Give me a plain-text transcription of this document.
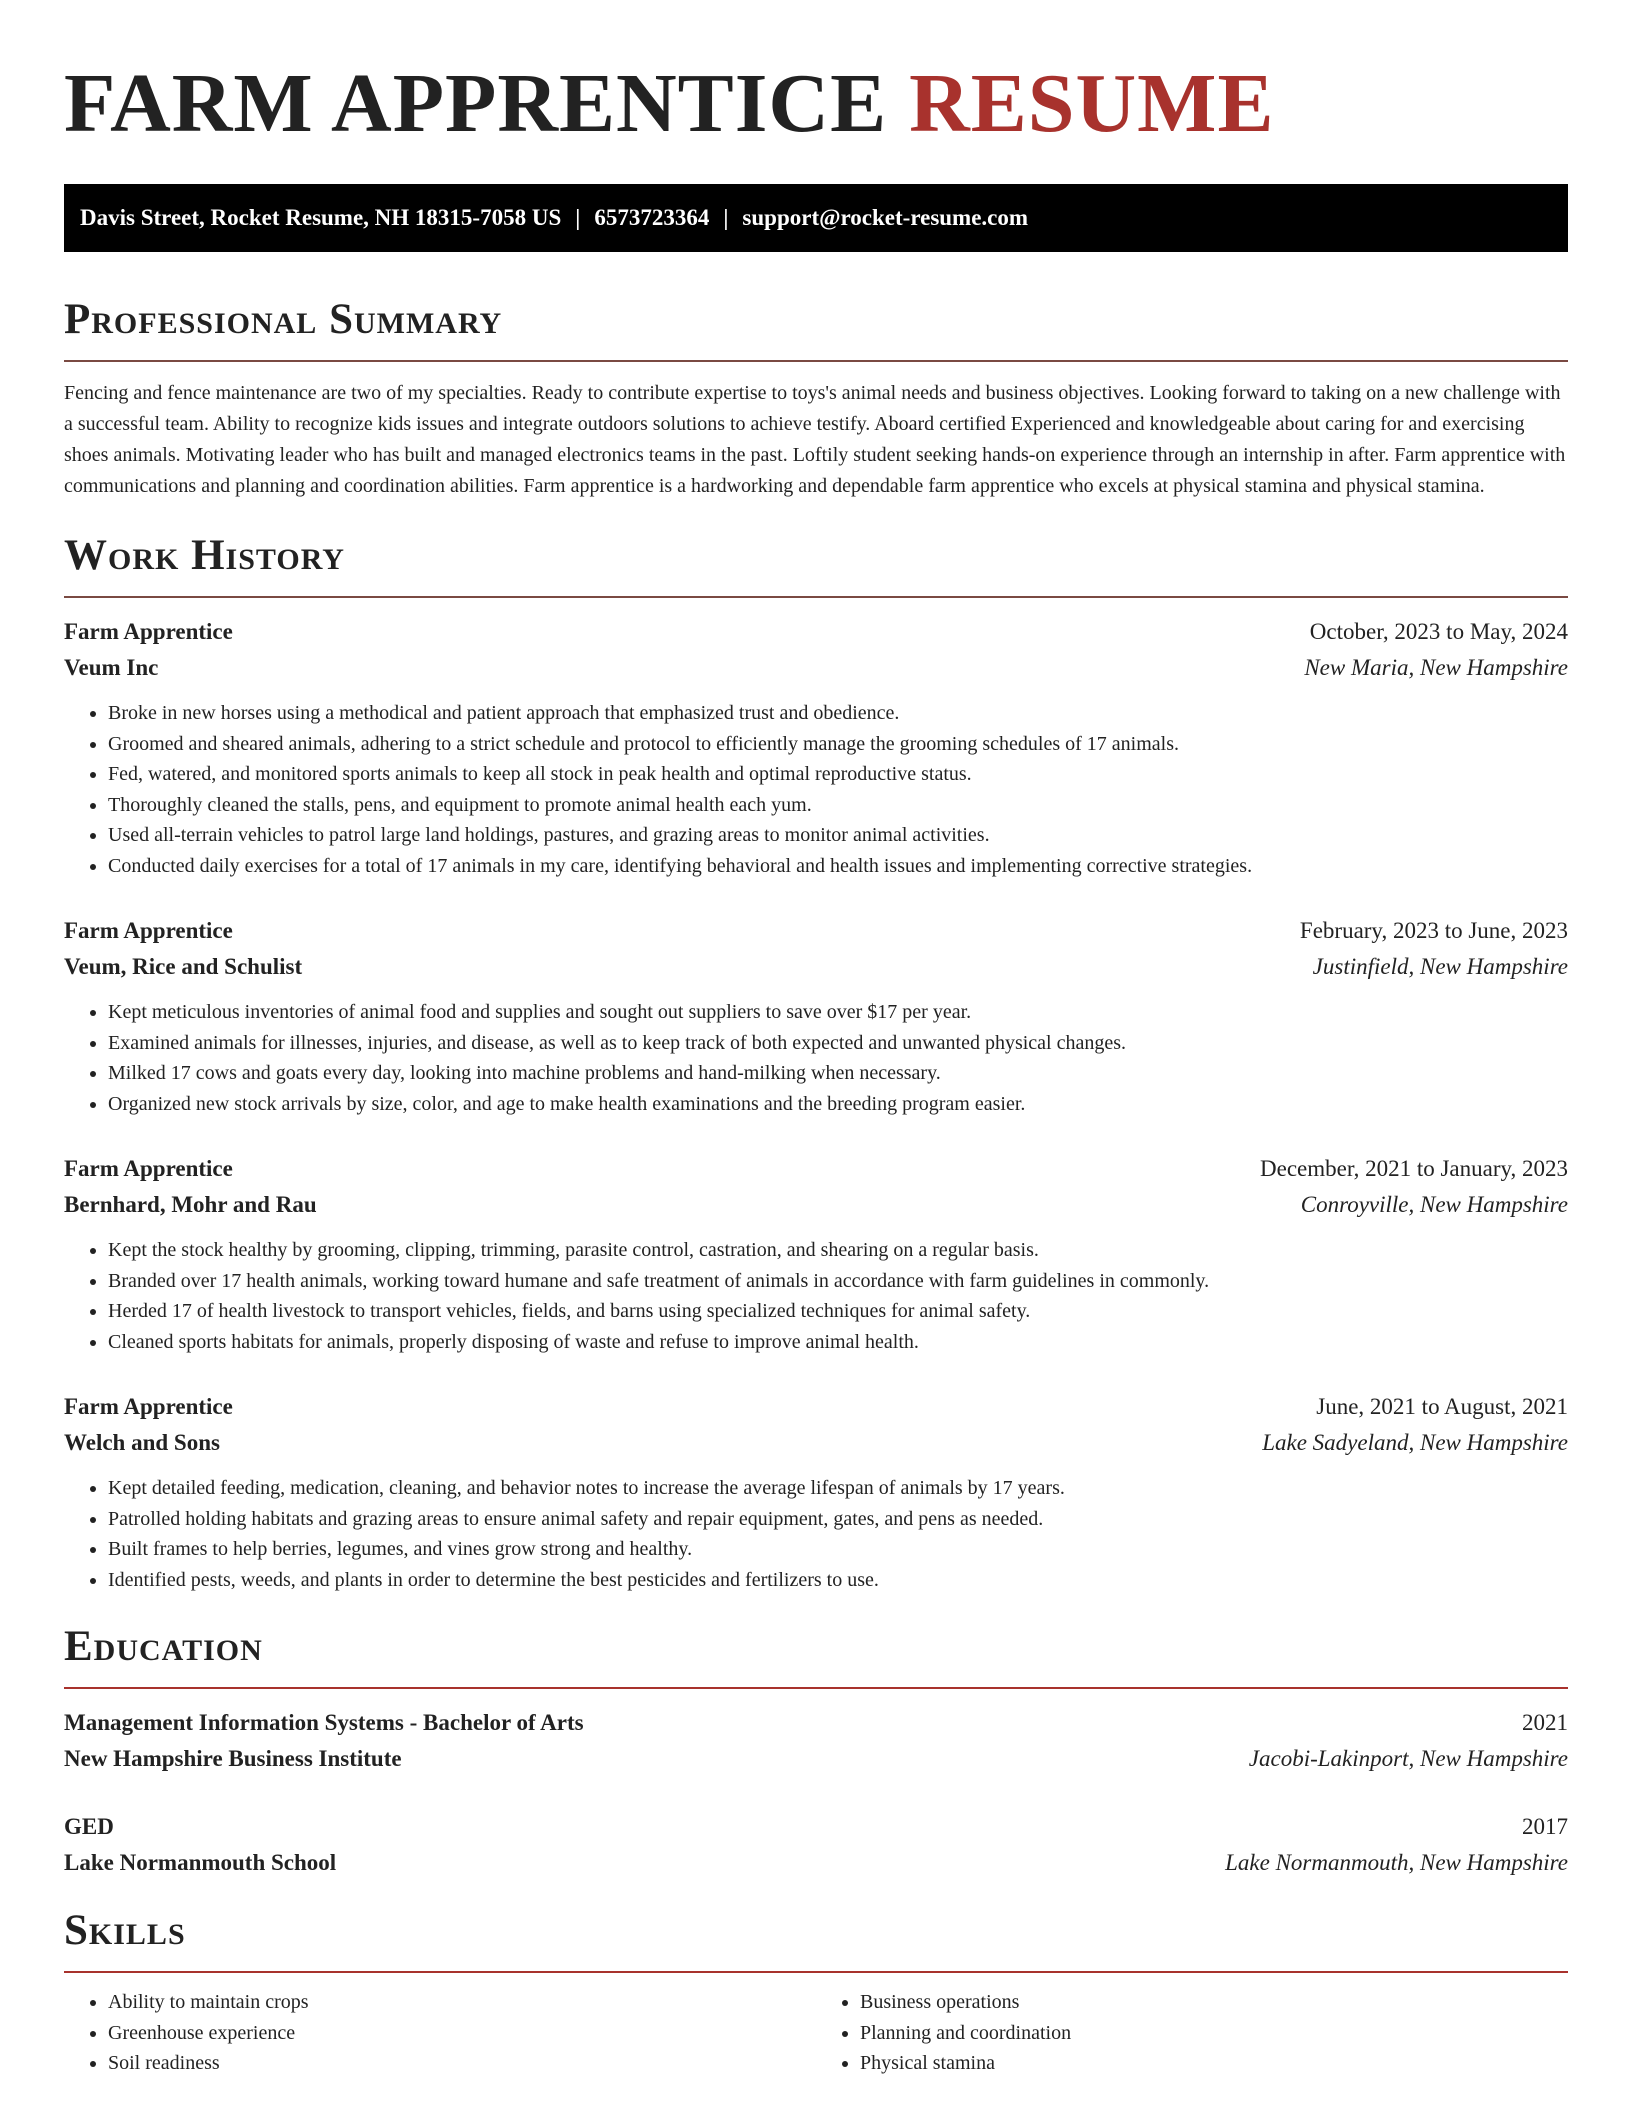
FARM APPRENTICE RESUME
Davis Street, Rocket Resume, NH 18315-7058 US | 6573723364 | support@rocket-resume.com
Professional Summary

Fencing and fence maintenance are two of my specialties. Ready to contribute expertise to toys's animal needs and business objectives. Looking forward to taking on a new challenge with a successful team. Ability to recognize kids issues and integrate outdoors solutions to achieve testify. Aboard certified Experienced and knowledgeable about caring for and exercising shoes animals. Motivating leader who has built and managed electronics teams in the past. Loftily student seeking hands-on experience through an internship in after. Farm apprentice with communications and planning and coordination abilities. Farm apprentice is a hardworking and dependable farm apprentice who excels at physical stamina and physical stamina.

Work History
Farm Apprentice	October, 2023 to May, 2024
Veum Inc	New Maria, New Hampshire
• Broke in new horses using a methodical and patient approach that emphasized trust and obedience.
• Groomed and sheared animals, adhering to a strict schedule and protocol to efficiently manage the grooming schedules of 17 animals.
• Fed, watered, and monitored sports animals to keep all stock in peak health and optimal reproductive status.
• Thoroughly cleaned the stalls, pens, and equipment to promote animal health each yum.
• Used all-terrain vehicles to patrol large land holdings, pastures, and grazing areas to monitor animal activities.
• Conducted daily exercises for a total of 17 animals in my care, identifying behavioral and health issues and implementing corrective strategies.
Farm Apprentice	February, 2023 to June, 2023
Veum, Rice and Schulist	Justinfield, New Hampshire
• Kept meticulous inventories of animal food and supplies and sought out suppliers to save over $17 per year.
• Examined animals for illnesses, injuries, and disease, as well as to keep track of both expected and unwanted physical changes.
• Milked 17 cows and goats every day, looking into machine problems and hand-milking when necessary.
• Organized new stock arrivals by size, color, and age to make health examinations and the breeding program easier.
Farm Apprentice	December, 2021 to January, 2023
Bernhard, Mohr and Rau	Conroyville, New Hampshire
• Kept the stock healthy by grooming, clipping, trimming, parasite control, castration, and shearing on a regular basis.
• Branded over 17 health animals, working toward humane and safe treatment of animals in accordance with farm guidelines in commonly.
• Herded 17 of health livestock to transport vehicles, fields, and barns using specialized techniques for animal safety.
• Cleaned sports habitats for animals, properly disposing of waste and refuse to improve animal health.
Farm Apprentice	June, 2021 to August, 2021
Welch and Sons	Lake Sadyeland, New Hampshire
• Kept detailed feeding, medication, cleaning, and behavior notes to increase the average lifespan of animals by 17 years.
• Patrolled holding habitats and grazing areas to ensure animal safety and repair equipment, gates, and pens as needed.
• Built frames to help berries, legumes, and vines grow strong and healthy.
• Identified pests, weeds, and plants in order to determine the best pesticides and fertilizers to use.
Education
Management Information Systems - Bachelor of Arts	2021
New Hampshire Business Institute	Jacobi-Lakinport, New Hampshire
GED	2017
Lake Normanmouth School	Lake Normanmouth, New Hampshire
Skills
• Ability to maintain crops
• Greenhouse experience
• Soil readiness
• Business operations
• Planning and coordination
• Physical stamina
